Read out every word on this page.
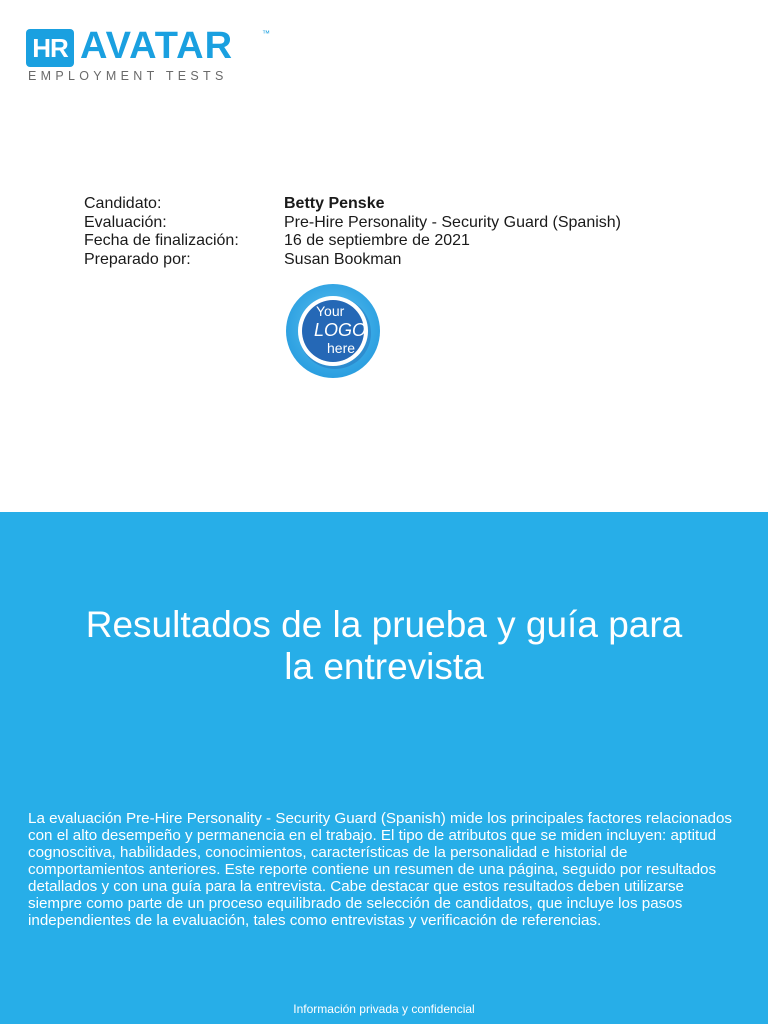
HR AVATAR	™
EMPLOYMENT TESTS
Candidato:	Betty Penske
Evaluación:	Pre-Hire Personality - Security Guard (Spanish)
Fecha de finalización:	16 de septiembre de 2021
Preparado por:	Susan Bookman
Your
LOGO
here
Resultados de la prueba y guía para
la entrevista

La evaluación Pre-Hire Personality - Security Guard (Spanish) mide los principales factores relacionados con el alto desempeño y permanencia en el trabajo. El tipo de atributos que se miden incluyen: aptitud cognoscitiva, habilidades, conocimientos, características de la personalidad e historial de comportamientos anteriores. Este reporte contiene un resumen de una página, seguido por resultados detallados y con una guía para la entrevista. Cabe destacar que estos resultados deben utilizarse siempre como parte de un proceso equilibrado de selección de candidatos, que incluye los pasos independientes de la evaluación, tales como entrevistas y verificación de referencias.

Información privada y confidencial
